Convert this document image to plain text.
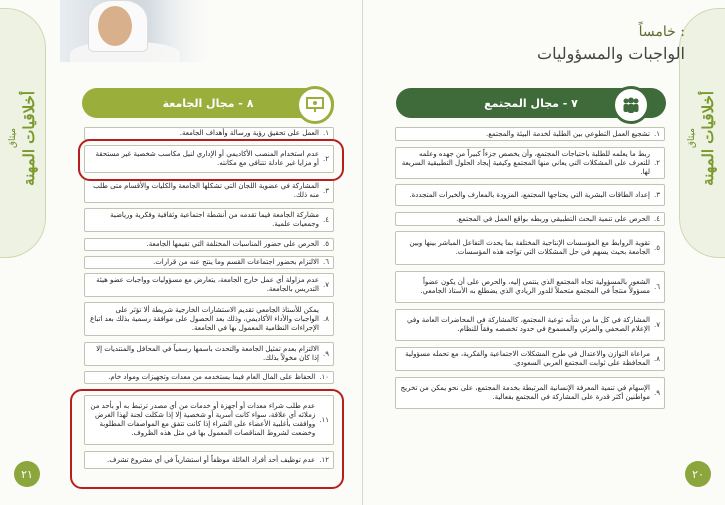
ميثاق أخلاقيات المهنة
٢١
ميثاق أخلاقيات المهنة
خامساً :
الواجبات والمسؤوليات
٢٠
٨ - مجال الجامعة	٧ - مجال المجتمع
١.
العمل على تحقيق رؤية ورسالة وأهداف الجامعة.
٢.
عدم استخدام المنصب الأكاديمي أو الإداري لنيل مكاسب شخصية غير مستحقة أو مزايا غير عادلة تتنافى مع مكانته.
٣.
المشاركة في عضوية اللجان التي تشكلها الجامعة والكليات والأقسام متى طلب منه ذلك.
٤.
مشاركة الجامعة فيما تقدمه من أنشطة اجتماعية وثقافية وفكرية ورياضية وجمعيات علمية.
٥.
الحرص على حضور المناسبات المختلفة التي تقيمها الجامعة.
٦.
الالتزام بحضور اجتماعات القسم وما ينتج عنه من قرارات.
٧.
عدم مزاولة أي عمل خارج الجامعة، يتعارض مع مسؤوليات وواجبات عضو هيئة التدريس بالجامعة.
٨.
يمكن للأستاذ الجامعي تقديم الاستشارات الخارجية شريطة ألا تؤثر على الواجبات والأداء الأكاديمي، وذلك بعد الحصول على موافقة رسمية بذلك بعد اتباع الإجراءات النظامية المعمول بها في الجامعة.
٩.
الالتزام بعدم تمثيل الجامعة والتحدث باسمها رسمياً في المحافل والمنتديات إلا إذا كان مخولاً بذلك.
١٠.
الحفاظ على المال العام فيما يستخدمه من معدات وتجهيزات ومواد خام.
١١.
عدم طلب شراء معدات أو أجهزة أو خدمات من أي مصدر ترتبط به أو بأحد من زملائه أي علاقة، سواء كانت أسرية أو شخصية إلا إذا شكلت لجنة لهذا الغرض ووافقت بأغلبية الأعضاء على الشراء إذا كانت تتفق مع المواصفات المطلوبة وخضعت لشروط المناقصات المعمول بها في مثل هذه الظروف.
١٢.
عدم توظيف أحد أفراد العائلة موظفاً أو استشارياً في أي مشروع تشرف.
١.
تشجيع العمل التطوعي بين الطلبة لخدمة البيئة والمجتمع.
٢.
ربط ما يعلمه للطلبة باحتياجات المجتمع، وأن يخصص جزءاً كبيراً من جهده وعلمه للتعرف على المشكلات التي يعاني منها المجتمع وكيفية إيجاد الحلول التطبيقية السريعة لها.
٣.
إعداد الطاقات البشرية التي يحتاجها المجتمع، المزودة بالمعارف والخبرات المتجددة.
٤.
الحرص على تنمية البحث التطبيقي وربطه بواقع العمل في المجتمع.
٥.
تقوية الروابط مع المؤسسات الإنتاجية المختلفة بما يحدث التفاعل المباشر بينها وبين الجامعة بحيث يسهم في حل المشكلات التي تواجه هذه المؤسسات.
٦.
الشعور بالمسؤولية تجاه المجتمع الذي ينتمي إليه، والحرص على أن يكون عضواً مسؤولاً منتجاً في المجتمع متحملاً للدور الريادي الذي يضطلع به الأستاذ الجامعي.
٧.
المشاركة في كل ما من شأنه توعية المجتمع، كالمشاركة في المحاضرات العامة وفي الإعلام الصحفي والمرئي والمسموع في حدود تخصصه وفقاً للنظام.
٨.
مراعاة التوازن والاعتدال في طرح المشكلات الاجتماعية والفكرية، مع تحمله مسؤولية المحافظة على ثوابت المجتمع العربي السعودي.
٩.
الإسهام في تنمية المعرفة الإنسانية المرتبطة بخدمة المجتمع، على نحو يمكن من تخريج مواطنين أكثر قدرة على المشاركة في المجتمع بفعالية.
